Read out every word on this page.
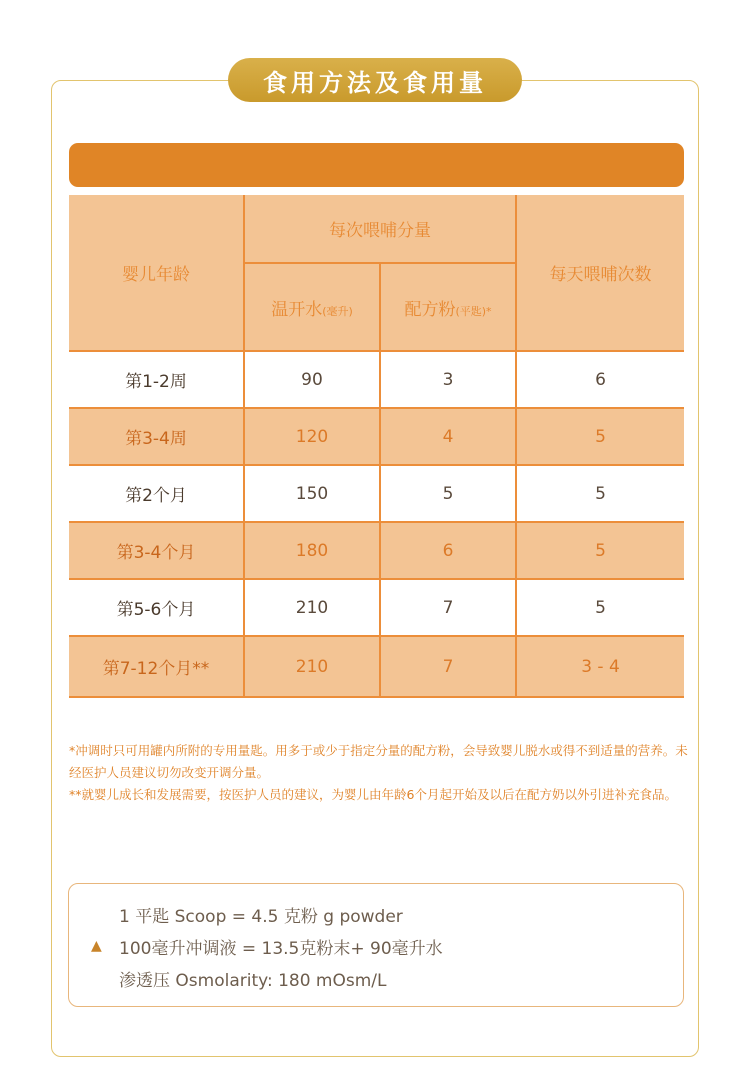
食用方法及食用量
婴儿年龄	每次喂哺分量		每天喂哺次数
	温开水(毫升)	配方粉(平匙)*	
第1-2周	90	3	6
第3-4周	120	4	5
第2个月	150	5	5
第3-4个月	180	6	5
第5-6个月	210	7	5
第7-12个月**	210	7	3 - 4

*冲调时只可用罐内所附的专用量匙。用多于或少于指定分量的配方粉，会导致婴儿脱水或得不到适量的营养。未经医护人员建议切勿改变开调分量。

**就婴儿成长和发展需要，按医护人员的建议，为婴儿由年龄6个月起开始及以后在配方奶以外引进补充食品。

1 平匙 Scoop = 4.5 克粉 g powder
▲ 100毫升冲调液 = 13.5克粉末+ 90毫升水
渗透压 Osmolarity: 180 mOsm/L
